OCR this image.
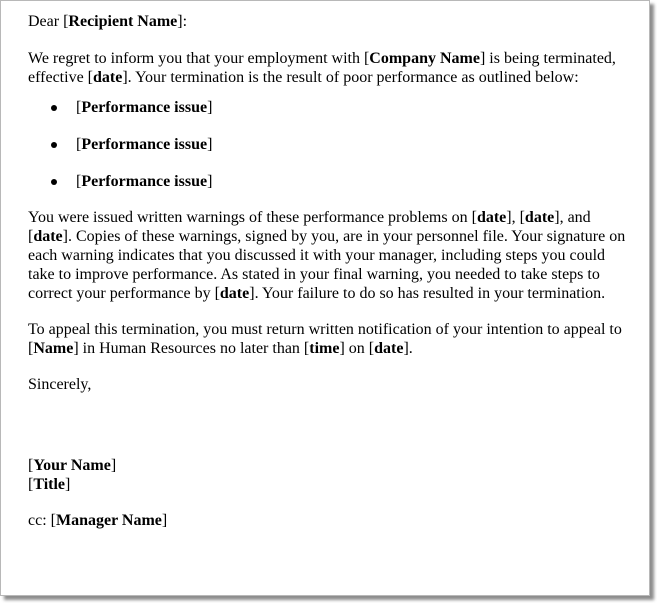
Dear [Recipient Name]:

We regret to inform you that your employment with [Company Name] is being terminated, effective [date]. Your termination is the result of poor performance as outlined below:

[Performance issue]
[Performance issue]
[Performance issue]

You were issued written warnings of these performance problems on [date], [date], and [date]. Copies of these warnings, signed by you, are in your personnel file. Your signature on each warning indicates that you discussed it with your manager, including steps you could take to improve performance. As stated in your final warning, you needed to take steps to correct your performance by [date]. Your failure to do so has resulted in your termination.

To appeal this termination, you must return written notification of your intention to appeal to [Name] in Human Resources no later than [time] on [date].

Sincerely,

[Your Name]

[Title]

cc: [Manager Name]
